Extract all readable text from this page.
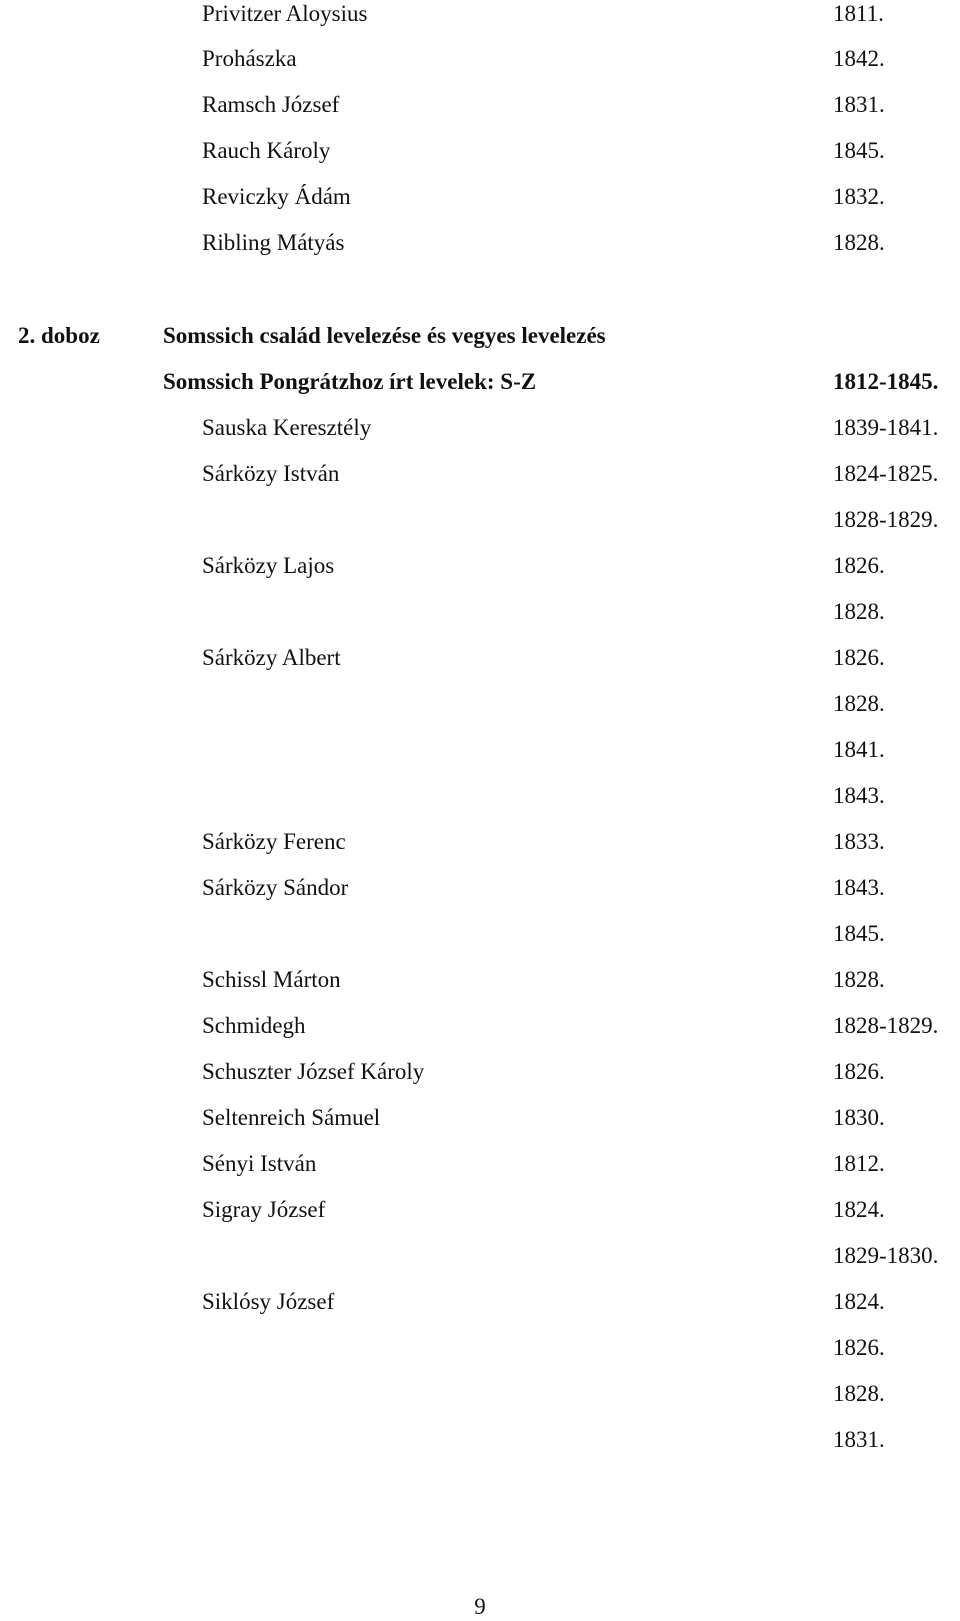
Privitzer Aloysius	1811.
Prohászka	1842.
Ramsch József	1831.
Rauch Károly	1845.
Reviczky Ádám	1832.
Ribling Mátyás	1828.
2. doboz	Somssich család levelezése és vegyes levelezés
Somssich Pongrátzhoz írt levelek: S-Z	1812-1845.
Sauska Keresztély	1839-1841.
Sárközy István	1824-1825.
1828-1829.
Sárközy Lajos	1826.
1828.
Sárközy Albert	1826.
1828.
1841.
1843.
Sárközy Ferenc	1833.
Sárközy Sándor	1843.
1845.
Schissl Márton	1828.
Schmidegh	1828-1829.
Schuszter József Károly	1826.
Seltenreich Sámuel	1830.
Sényi István	1812.
Sigray József	1824.
1829-1830.
Siklósy József	1824.
1826.
1828.
1831.
9
